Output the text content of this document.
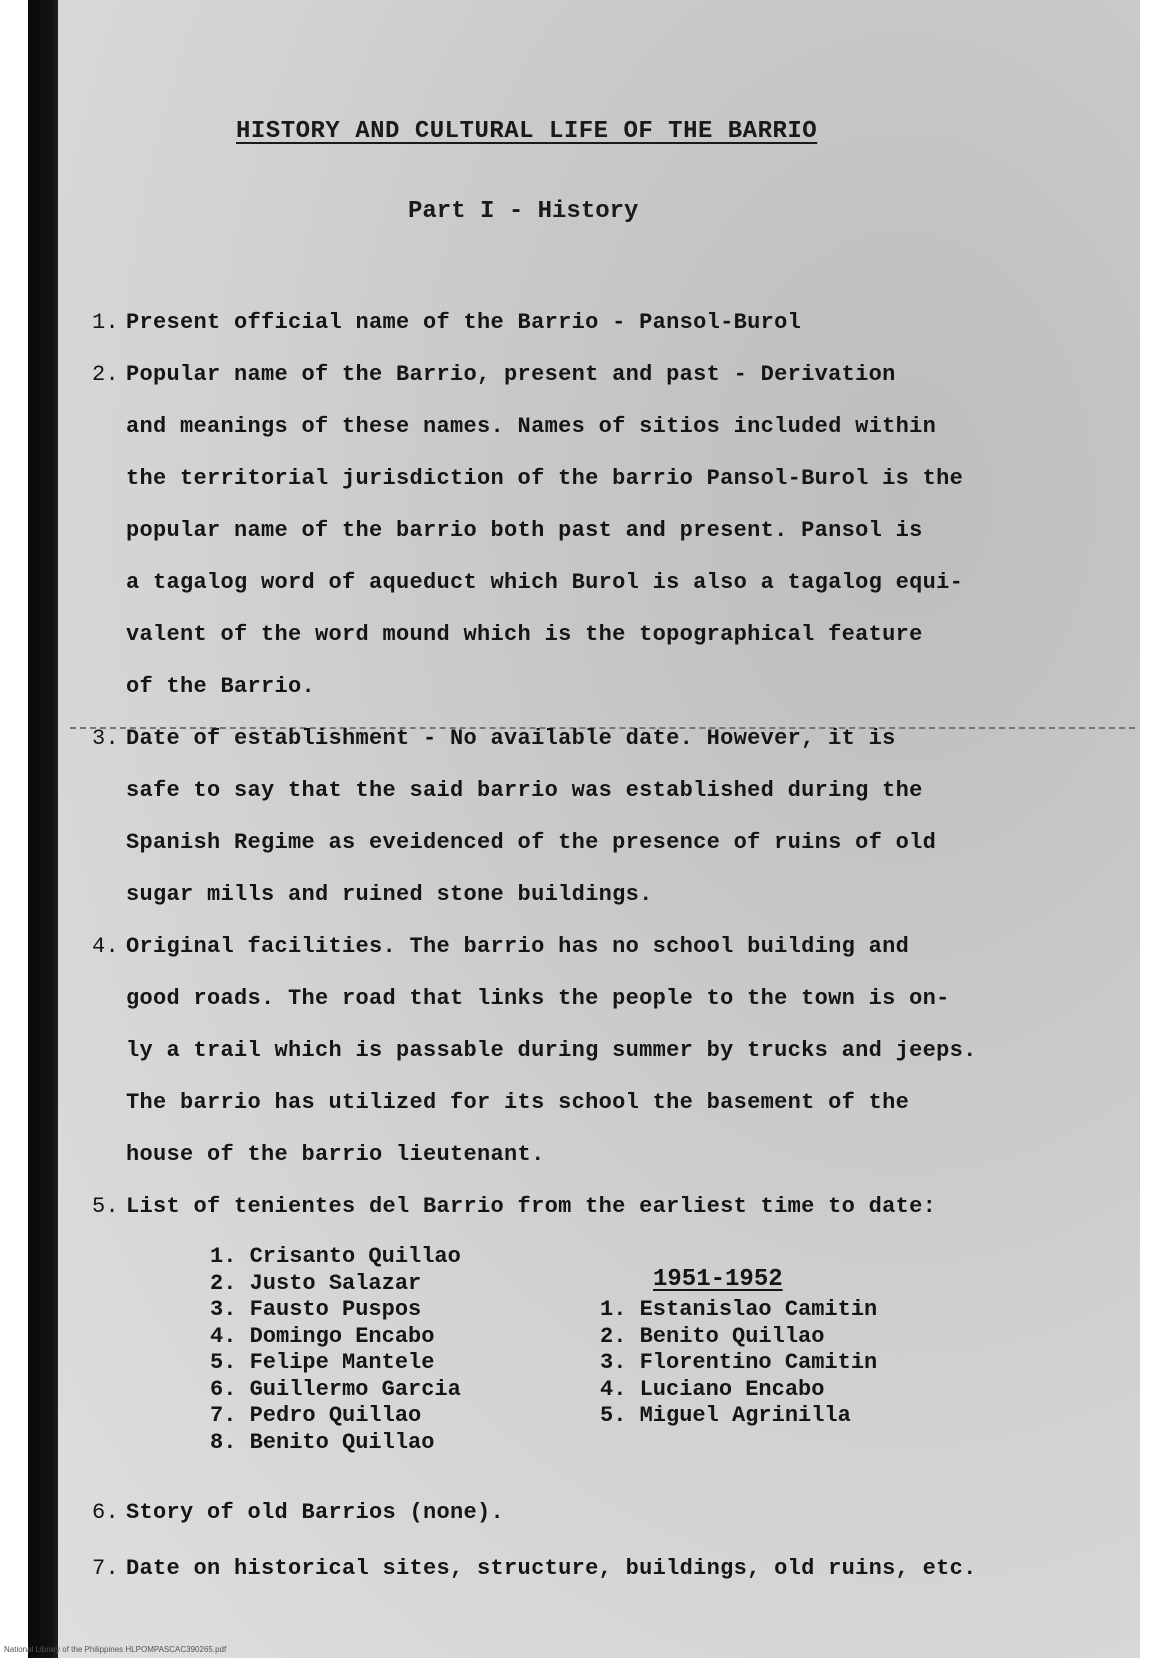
HISTORY AND CULTURAL LIFE OF THE BARRIO
Part I - History
1. Present official name of the Barrio - Pansol-Burol
2. Popular name of the Barrio, present and past - Derivation
and meanings of these names. Names of sitios included within
the territorial jurisdiction of the barrio Pansol-Burol is the
popular name of the barrio both past and present. Pansol is
a tagalog word of aqueduct which Burol is also a tagalog equi-
valent of the word mound which is the topographical feature
of the Barrio.
3. Date of establishment - No available date. However, it is
safe to say that the said barrio was established during the
Spanish Regime as eveidenced of the presence of ruins of old
sugar mills and ruined stone buildings.
4. Original facilities. The barrio has no school building and
good roads. The road that links the people to the town is on-
ly a trail which is passable during summer by trucks and jeeps.
The barrio has utilized for its school the basement of the
house of the barrio lieutenant.
5. List of tenientes del Barrio from the earliest time to date:
1. Crisanto Quillao
2. Justo Salazar
3. Fausto Puspos
4. Domingo Encabo
5. Felipe Mantele
6. Guillermo Garcia
7. Pedro Quillao
8. Benito Quillao
1951-1952
1. Estanislao Camitin
2. Benito Quillao
3. Florentino Camitin
4. Luciano Encabo
5. Miguel Agrinilla
6. Story of old Barrios (none).
7. Date on historical sites, structure, buildings, old ruins, etc.
National Library of the Philippines HLPOMPASCAC390265.pdf
